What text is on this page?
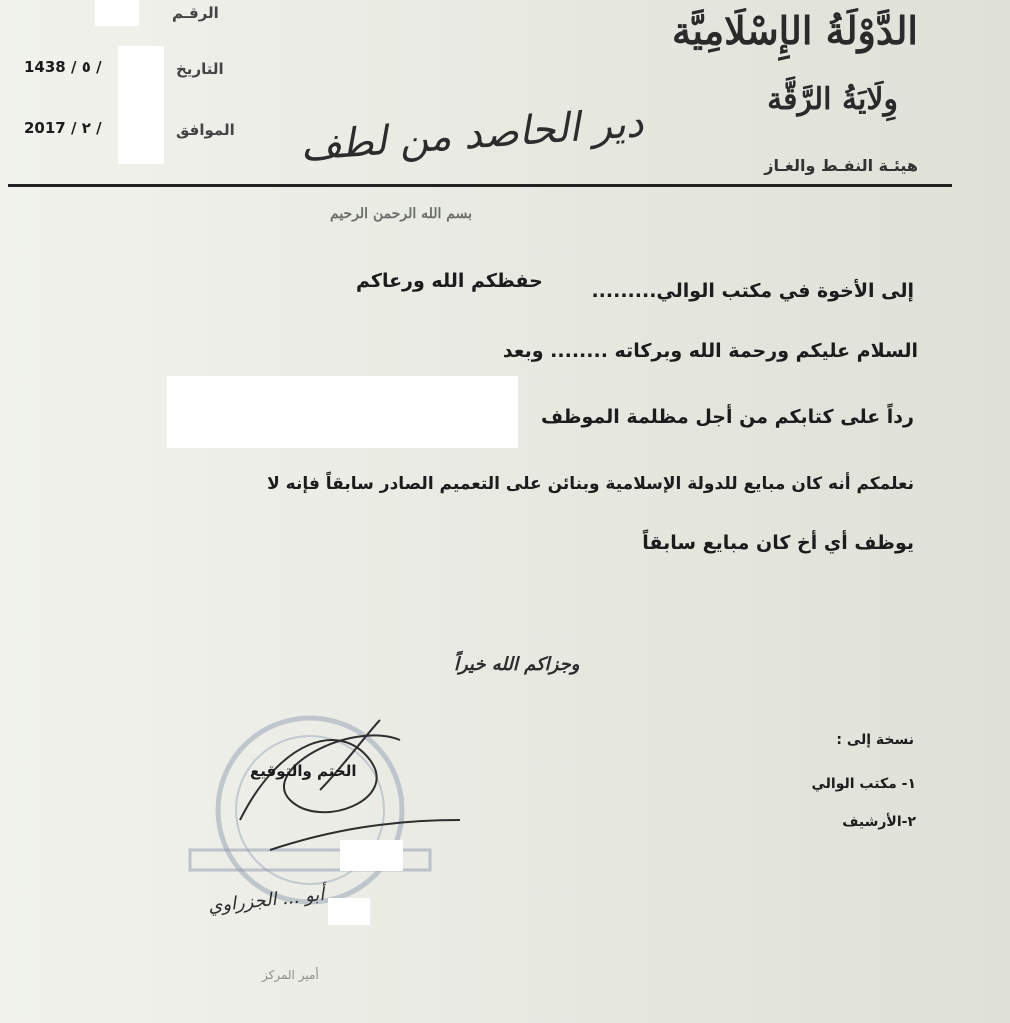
الرقـم
التاريخ
/ ٥ / 1438
الموافق
/ ٢ / 2017
الدَّوْلَةُ الإِسْلَامِيَّة
وِلَايَةُ الرَّقَّة
هيئـة النفـط والغـاز
دير الحاصد من لطف
بسم الله الرحمن الرحيم
إلى الأخوة في مكتب الوالي.........
حفظكم الله ورعاكم
السلام عليكم ورحمة الله وبركاته ........ وبعد
رداً على كتابكم من أجل مظلمة الموظف
نعلمكم أنه كان مبايع للدولة الإسلامية وبنائن على التعميم الصادر سابقاً فإنه لا
يوظف أي أخ كان مبايع سابقاً
وجزاكم الله خيراً
نسخة إلى :
١- مكتب الوالي
٢-الأرشيف
الختم والتوقيع
أبو ... الجزراوي
أمير المركز
